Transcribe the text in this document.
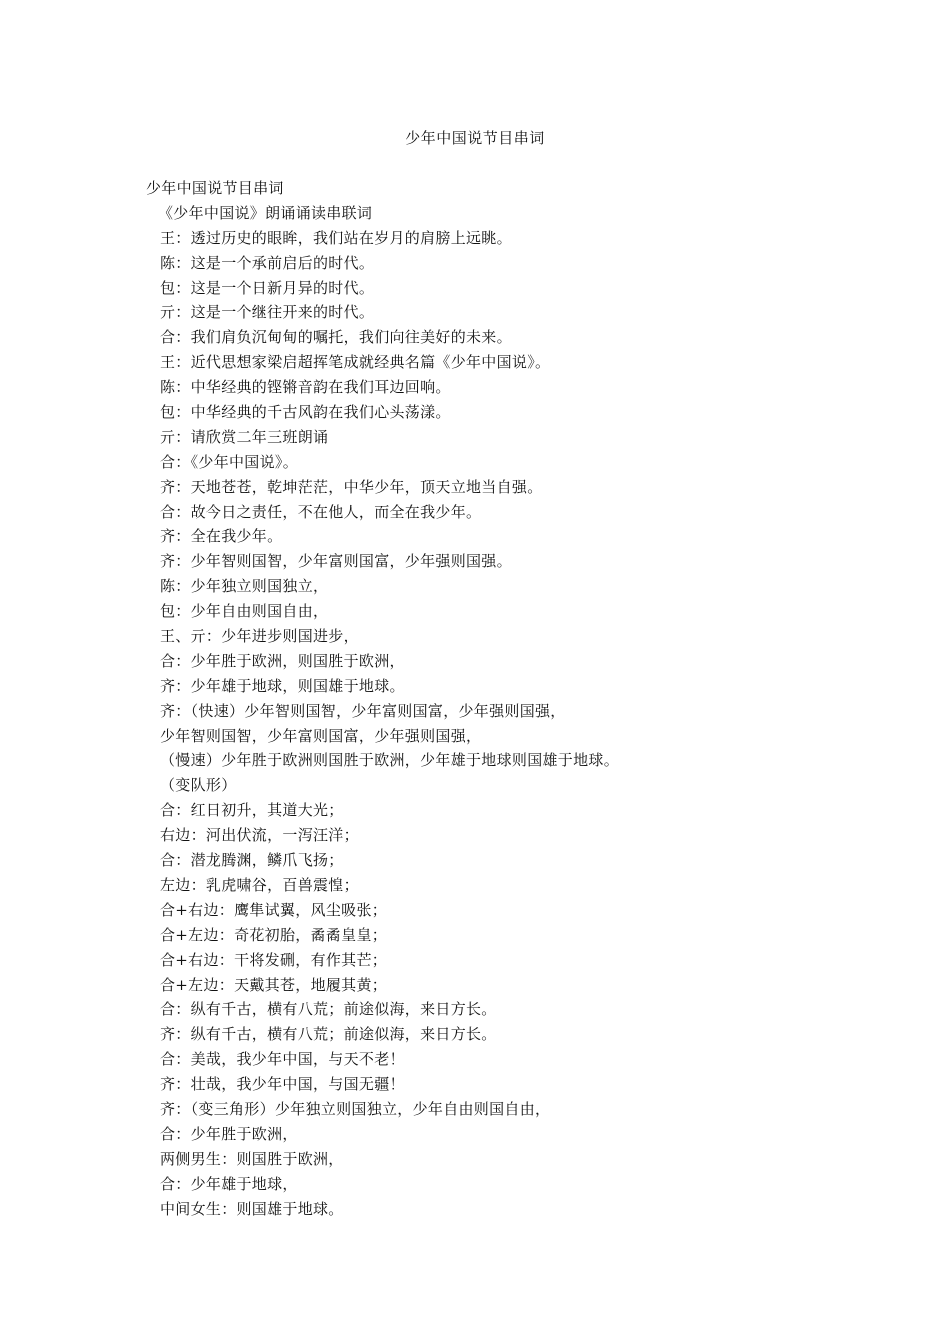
少年中国说节目串词
少年中国说节目串词
《少年中国说》朗诵诵读串联词
王：透过历史的眼眸，我们站在岁月的肩膀上远眺。
陈：这是一个承前启后的时代。
包：这是一个日新月异的时代。
亓：这是一个继往开来的时代。
合：我们肩负沉甸甸的嘱托，我们向往美好的未来。
王：近代思想家梁启超挥笔成就经典名篇《少年中国说》。
陈：中华经典的铿锵音韵在我们耳边回响。
包：中华经典的千古风韵在我们心头荡漾。
亓：请欣赏二年三班朗诵
合：《少年中国说》。
齐：天地苍苍，乾坤茫茫，中华少年，顶天立地当自强。
合：故今日之责任，不在他人，而全在我少年。
齐：全在我少年。
齐：少年智则国智，少年富则国富，少年强则国强。
陈：少年独立则国独立，
包：少年自由则国自由，
王、亓：少年进步则国进步，
合：少年胜于欧洲，则国胜于欧洲，
齐：少年雄于地球，则国雄于地球。
齐：（快速）少年智则国智，少年富则国富，少年强则国强，
少年智则国智，少年富则国富，少年强则国强，
（慢速）少年胜于欧洲则国胜于欧洲，少年雄于地球则国雄于地球。
（变队形）
合：红日初升，其道大光；
右边：河出伏流，一泻汪洋；
合：潜龙腾渊，鳞爪飞扬；
左边：乳虎啸谷，百兽震惶；
合+右边：鹰隼试翼，风尘吸张；
合+左边：奇花初胎，矞矞皇皇；
合+右边：干将发硎，有作其芒；
合+左边：天戴其苍，地履其黄；
合：纵有千古，横有八荒；前途似海，来日方长。
齐：纵有千古，横有八荒；前途似海，来日方长。
合：美哉，我少年中国，与天不老！
齐：壮哉，我少年中国，与国无疆！
齐：（变三角形）少年独立则国独立，少年自由则国自由，
合：少年胜于欧洲，
两侧男生：则国胜于欧洲，
合：少年雄于地球，
中间女生：则国雄于地球。
